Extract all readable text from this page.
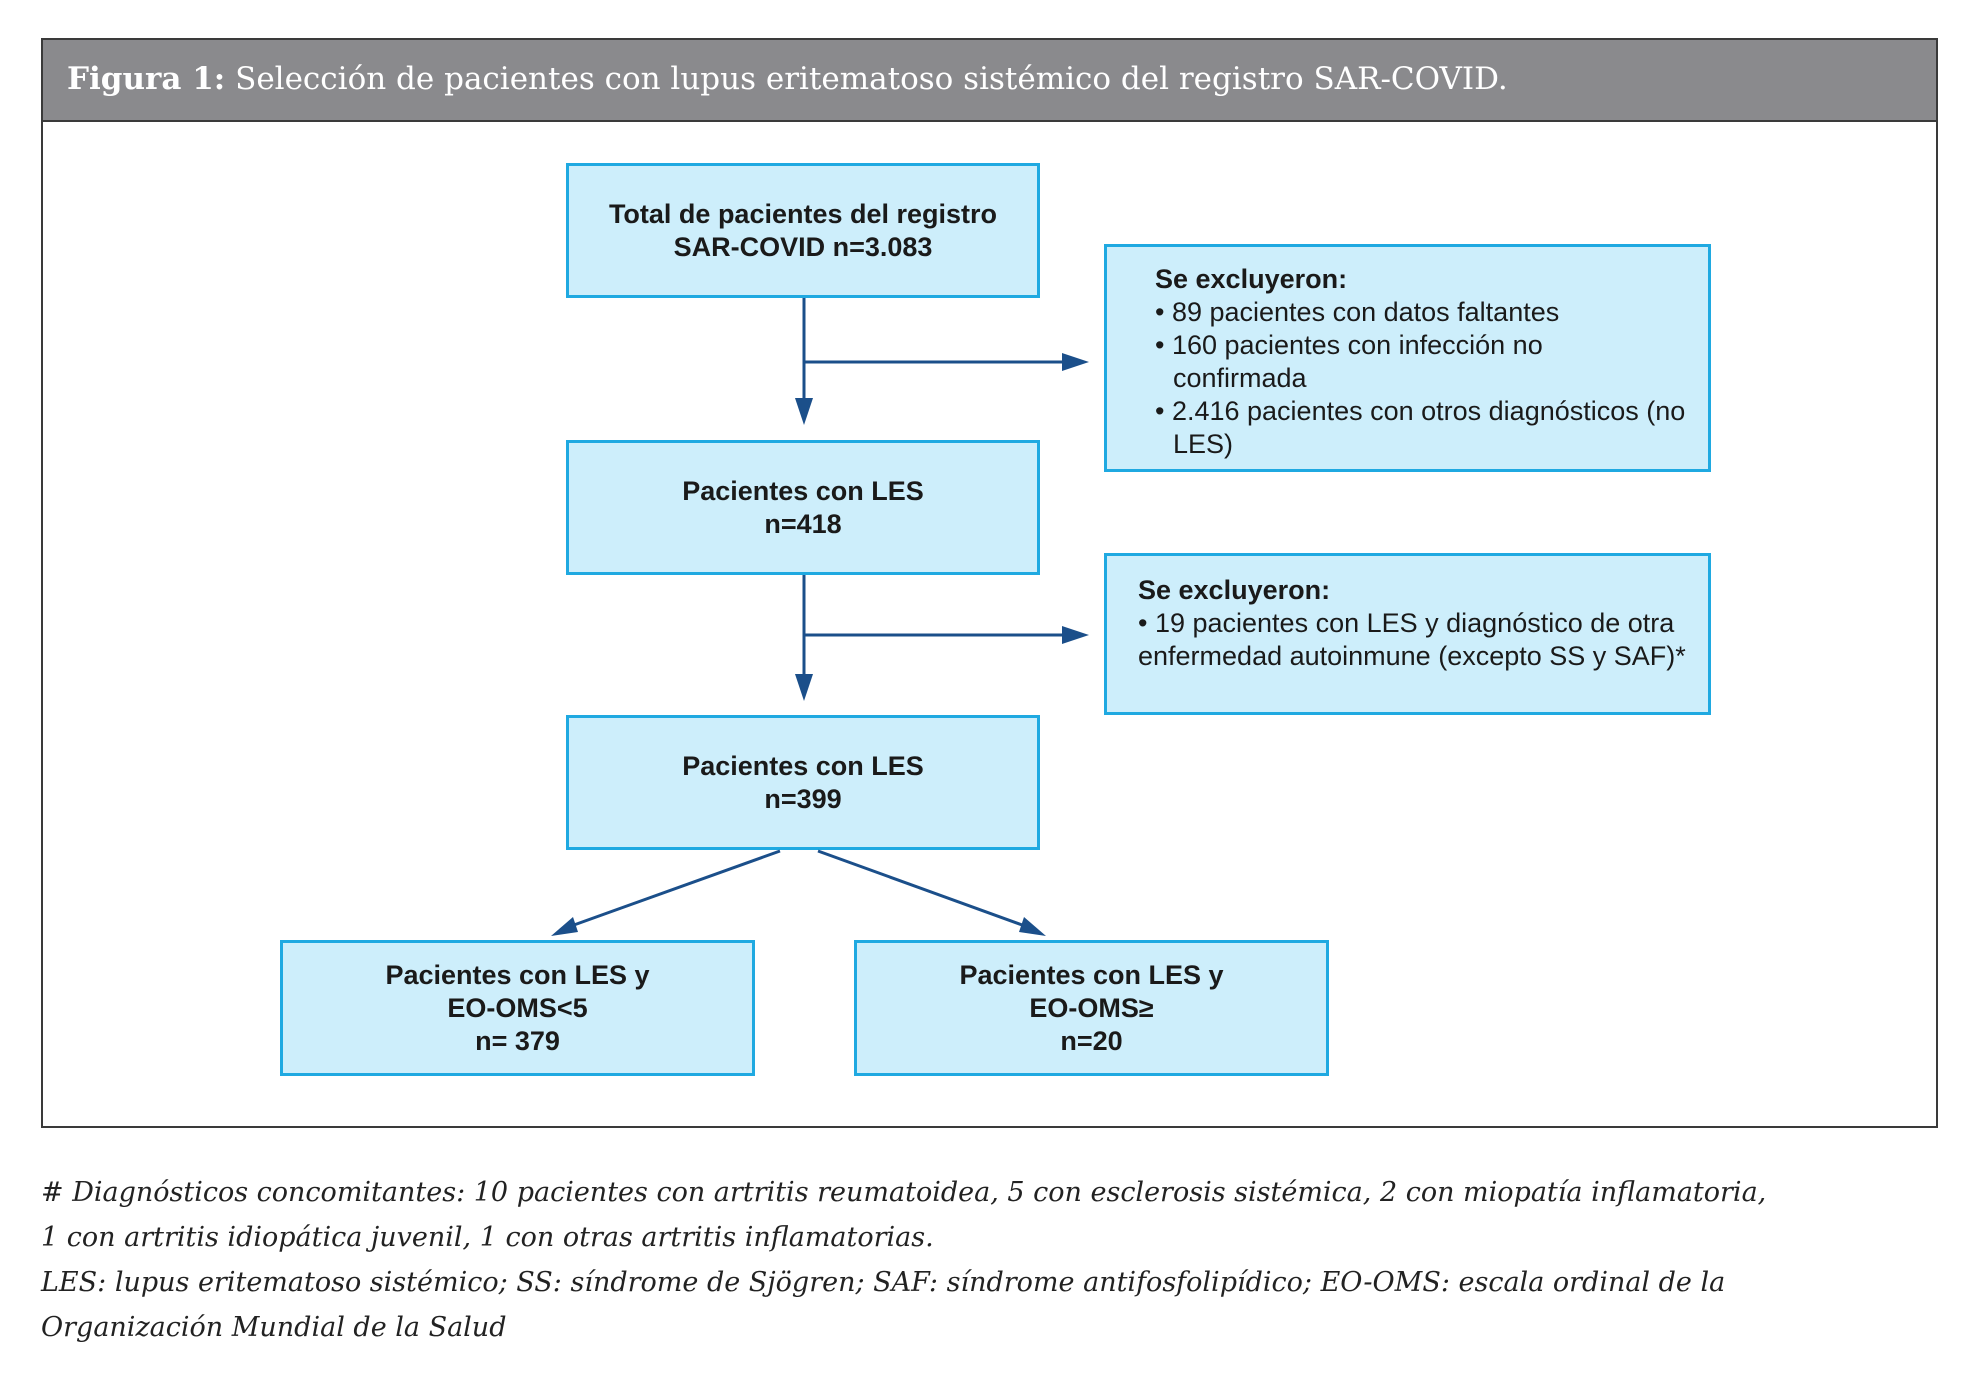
Figura 1: Selección de pacientes con lupus eritematoso sistémico del registro SAR-COVID.
Total de pacientes del registro
SAR-COVID n=3.083
Se excluyeron:
• 89 pacientes con datos faltantes
• 160 pacientes con infección no confirmada
• 2.416 pacientes con otros diagnósticos (no LES)
Pacientes con LES
n=418
Se excluyeron:
• 19 pacientes con LES y diagnóstico de otra enfermedad autoinmune (excepto SS y SAF)*
Pacientes con LES
n=399
Pacientes con LES y
EO-OMS<5
n= 379
Pacientes con LES y
EO-OMS≥
n=20
# Diagnósticos concomitantes: 10 pacientes con artritis reumatoidea, 5 con esclerosis sistémica, 2 con miopatía inflamatoria,
1 con artritis idiopática juvenil, 1 con otras artritis inflamatorias.
LES: lupus eritematoso sistémico; SS: síndrome de Sjögren; SAF: síndrome antifosfolipídico; EO-OMS: escala ordinal de la
Organización Mundial de la Salud
